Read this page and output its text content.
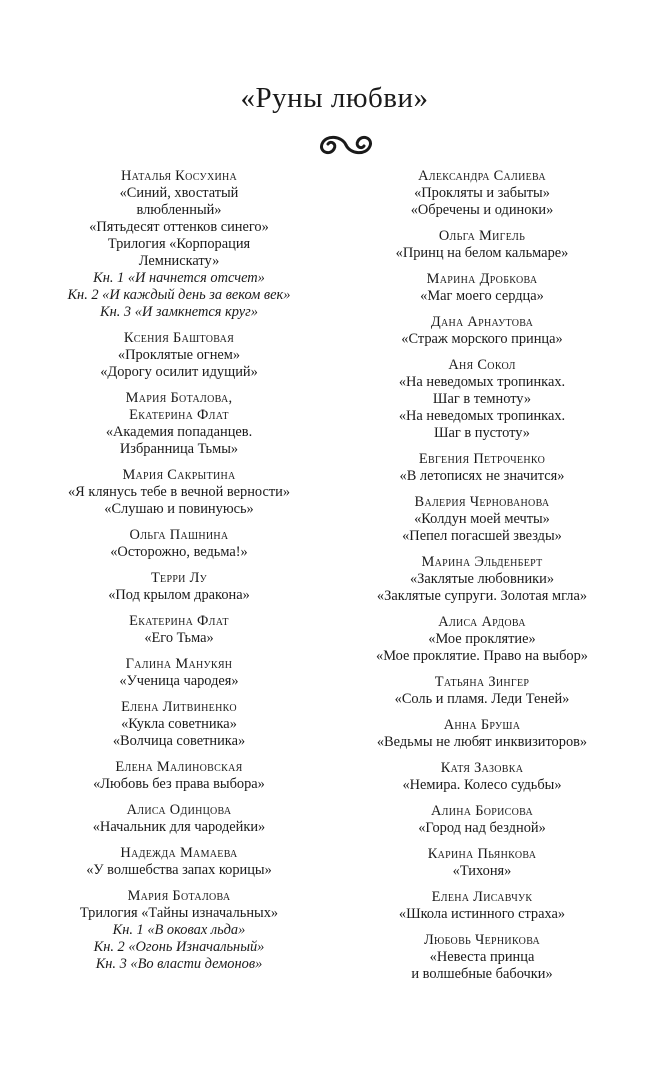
«Руны любви»
Наталья Косухина
«Синий, хвостатый
влюбленный»
«Пятьдесят оттенков синего»
Трилогия «Корпорация
Лемнискату»
Кн. 1 «И начнется отсчет»
Кн. 2 «И каждый день за веком век»
Кн. 3 «И замкнется круг»
Ксения Баштовая
«Проклятые огнем»
«Дорогу осилит идущий»
Мария Боталова,
Екатерина Флат
«Академия попаданцев.
Избранница Тьмы»
Мария Сакрытина
«Я клянусь тебе в вечной верности»
«Слушаю и повинуюсь»
Ольга Пашнина
«Осторожно, ведьма!»
Терри Лу
«Под крылом дракона»
Екатерина Флат
«Его Тьма»
Галина Манукян
«Ученица чародея»
Елена Литвиненко
«Кукла советника»
«Волчица советника»
Елена Малиновская
«Любовь без права выбора»
Алиса Одинцова
«Начальник для чародейки»
Надежда Мамаева
«У волшебства запах корицы»
Мария Боталова
Трилогия «Тайны изначальных»
Кн. 1 «В оковах льда»
Кн. 2 «Огонь Изначальный»
Кн. 3 «Во власти демонов»
Александра Салиева
«Прокляты и забыты»
«Обречены и одиноки»
Ольга Мигель
«Принц на белом кальмаре»
Марина Дробкова
«Маг моего сердца»
Дана Арнаутова
«Страж морского принца»
Аня Сокол
«На неведомых тропинках.
Шаг в темноту»
«На неведомых тропинках.
Шаг в пустоту»
Евгения Петроченко
«В летописях не значится»
Валерия Чернованова
«Колдун моей мечты»
«Пепел погасшей звезды»
Марина Эльденберт
«Заклятые любовники»
«Заклятые супруги. Золотая мгла»
Алиса Ардова
«Мое проклятие»
«Мое проклятие. Право на выбор»
Татьяна Зингер
«Соль и пламя. Леди Теней»
Анна Бруша
«Ведьмы не любят инквизиторов»
Катя Зазовка
«Немира. Колесо судьбы»
Алина Борисова
«Город над бездной»
Карина Пьянкова
«Тихоня»
Елена Лисавчук
«Школа истинного страха»
Любовь Черникова
«Невеста принца
и волшебные бабочки»
